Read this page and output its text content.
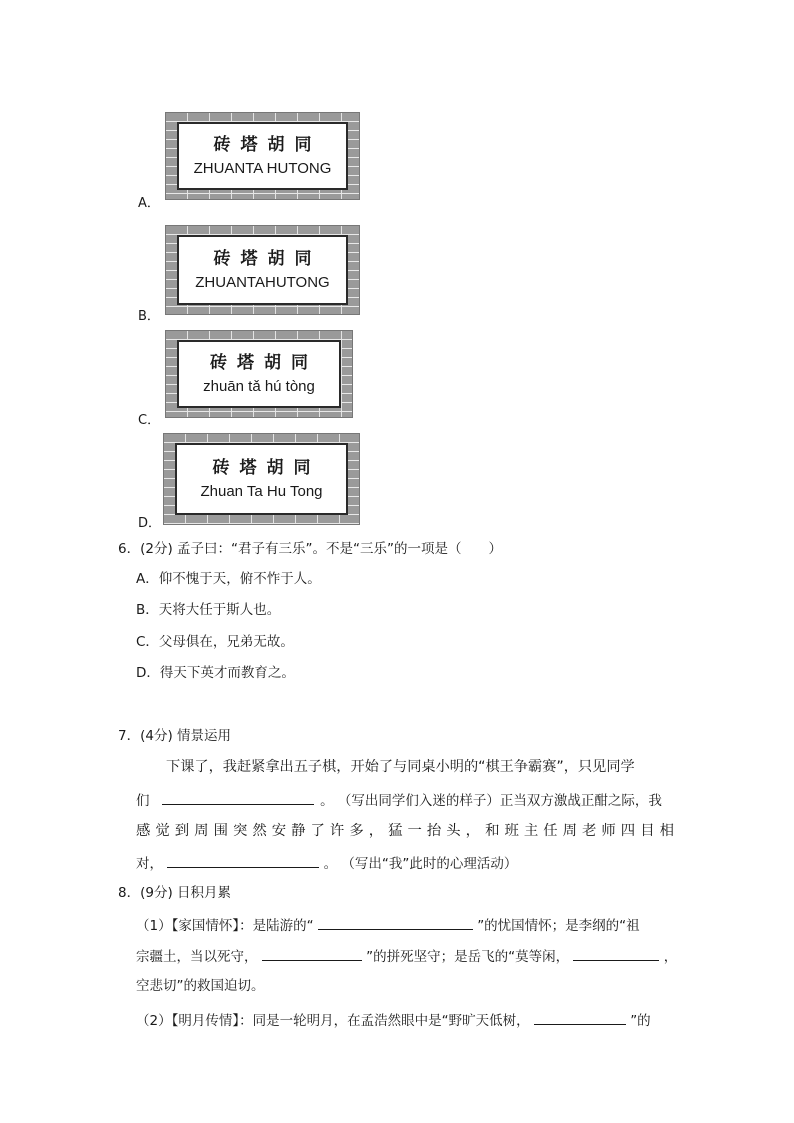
砖塔胡同
ZHUANTA HUTONG
A．
砖塔胡同
ZHUANTAHUTONG
B．
砖塔胡同
zhuān tǎ hú tòng
C．
砖塔胡同
Zhuan Ta Hu Tong
D．
6．(2分) 孟子曰：“君子有三乐”。不是“三乐”的一项是（　　）
A．仰不愧于天，俯不怍于人。
B．天将大任于斯人也。
C．父母俱在，兄弟无故。
D．得天下英才而教育之。
7．(4分) 情景运用
下课了，我赶紧拿出五子棋，开始了与同桌小明的“棋王争霸赛”，只见同学
们	。 （写出同学们入迷的样子）正当双方激战正酣之际，我
感觉到周围突然安静了许多，猛一抬头，和班主任周老师四目相
对，	。 （写出“我”此时的心理活动）
8．(9分) 日积月累
（1）【家国情怀】：是陆游的“	”的忧国情怀；是李纲的“祖
宗疆土，当以死守，	”的拼死坚守；是岳飞的“莫等闲，	，
空悲切”的救国迫切。
（2）【明月传情】：同是一轮明月，在孟浩然眼中是“野旷天低树，	”的
